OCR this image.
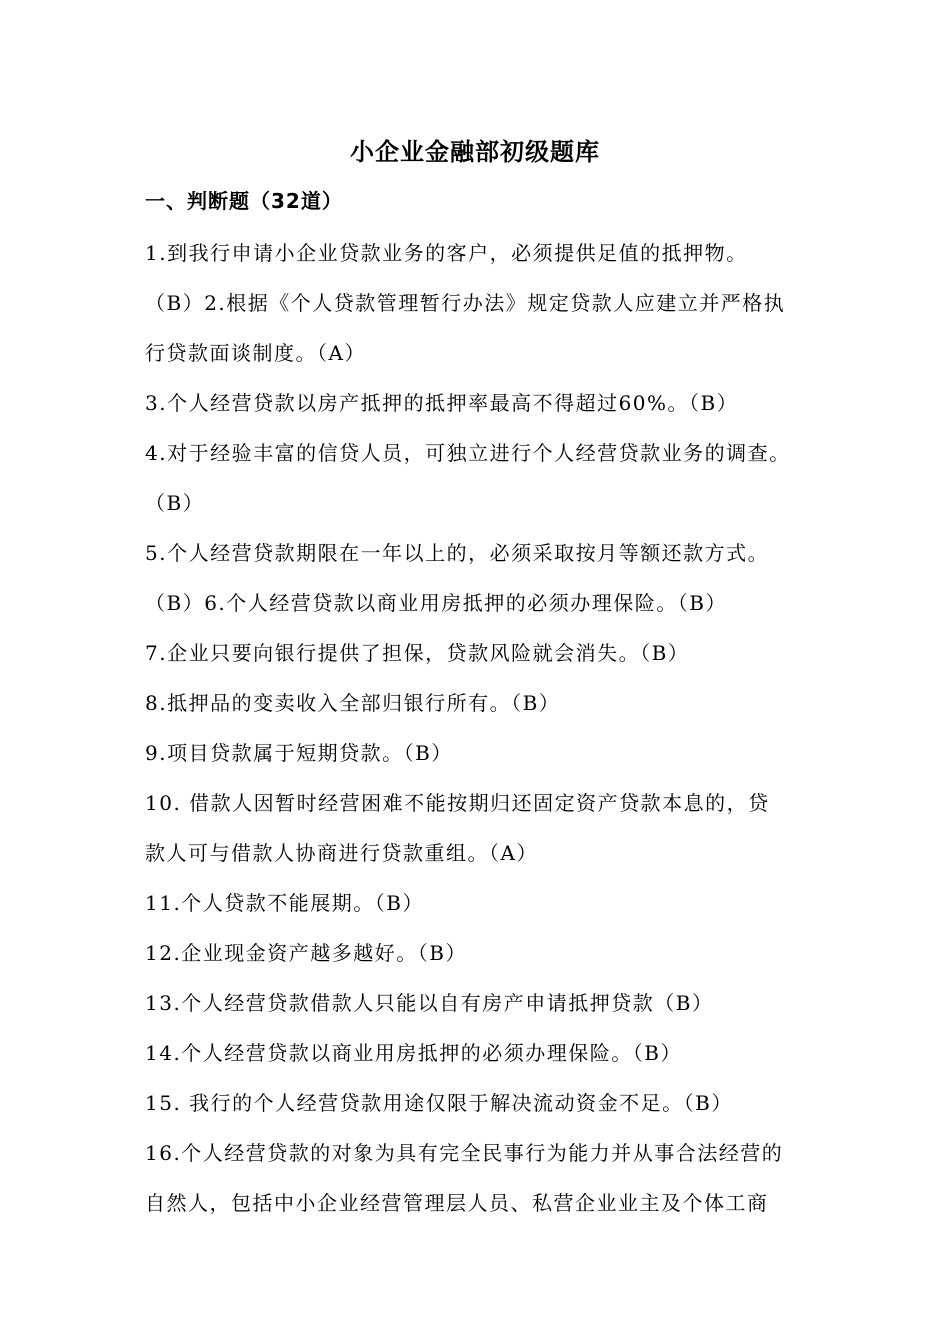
小企业金融部初级题库
一、判断题（32道）
1.到我行申请小企业贷款业务的客户，必须提供足值的抵押物。
（B）2.根据《个人贷款管理暂行办法》规定贷款人应建立并严格执
行贷款面谈制度。（A）
3.个人经营贷款以房产抵押的抵押率最高不得超过60%。（B）
4.对于经验丰富的信贷人员，可独立进行个人经营贷款业务的调查。
（B）
5.个人经营贷款期限在一年以上的，必须采取按月等额还款方式。
（B）6.个人经营贷款以商业用房抵押的必须办理保险。（B）
7.企业只要向银行提供了担保，贷款风险就会消失。（B）
8.抵押品的变卖收入全部归银行所有。（B）
9.项目贷款属于短期贷款。（B）
10. 借款人因暂时经营困难不能按期归还固定资产贷款本息的，贷
款人可与借款人协商进行贷款重组。（A）
11.个人贷款不能展期。（B）
12.企业现金资产越多越好。（B）
13.个人经营贷款借款人只能以自有房产申请抵押贷款（B）
14.个人经营贷款以商业用房抵押的必须办理保险。（B）
15. 我行的个人经营贷款用途仅限于解决流动资金不足。（B）
16.个人经营贷款的对象为具有完全民事行为能力并从事合法经营的
自然人，包括中小企业经营管理层人员、私营企业业主及个体工商
